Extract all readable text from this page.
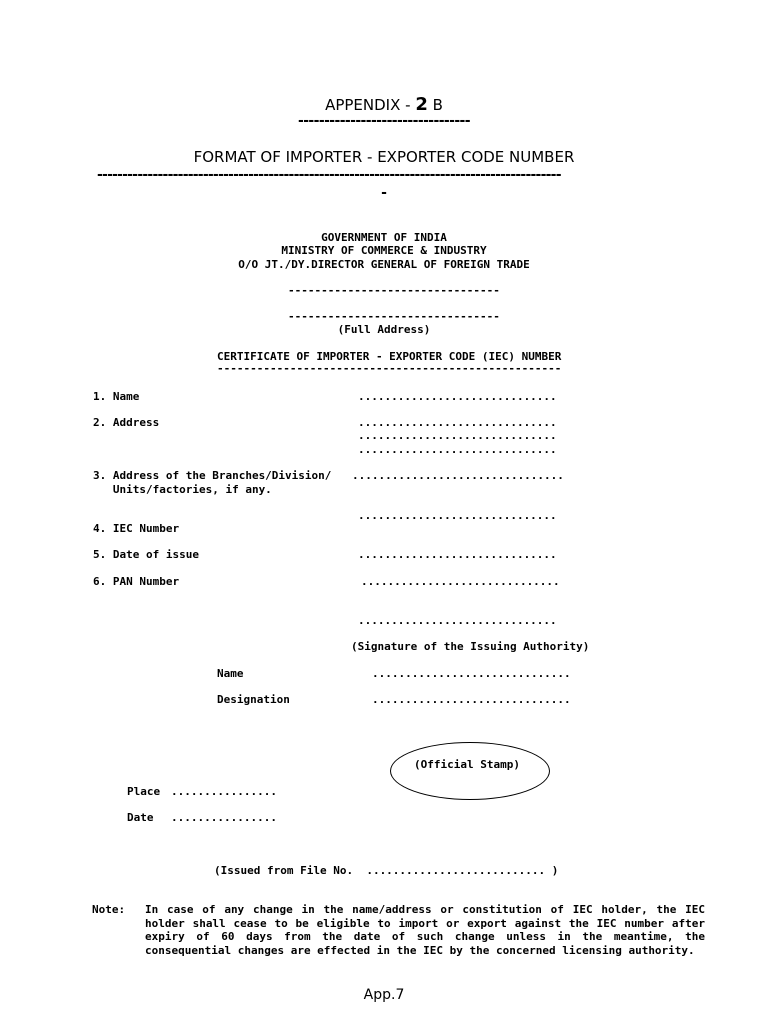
APPENDIX - 2 B
---------------------------------
FORMAT OF IMPORTER - EXPORTER CODE NUMBER
--------------------------------------------------------------------------------------------
-
GOVERNMENT OF INDIA
MINISTRY OF COMMERCE & INDUSTRY
O/O JT./DY.DIRECTOR GENERAL OF FOREIGN TRADE
--------------------------------
--------------------------------
(Full Address)
CERTIFICATE OF IMPORTER - EXPORTER CODE (IEC) NUMBER
----------------------------------------------------
1. Name	..............................
2. Address	..............................
..............................
..............................
3. Address of the Branches/Division/ ................................
Units/factories, if any.
..............................
4. IEC Number
5. Date of issue	..............................
6. PAN Number	..............................
..............................
(Signature of the Issuing Authority)
Name	..............................
Designation	..............................
(Official Stamp)
Place ................
Date ................
(Issued from File No.  ........................... )
Note: In case of any change in the name/address or constitution of IEC holder, the IEC holder shall cease to be eligible to import or export against the IEC number after expiry of 60 days from the date of such change unless in the meantime, the consequential changes are effected in the IEC by the concerned licensing authority.
App.7
